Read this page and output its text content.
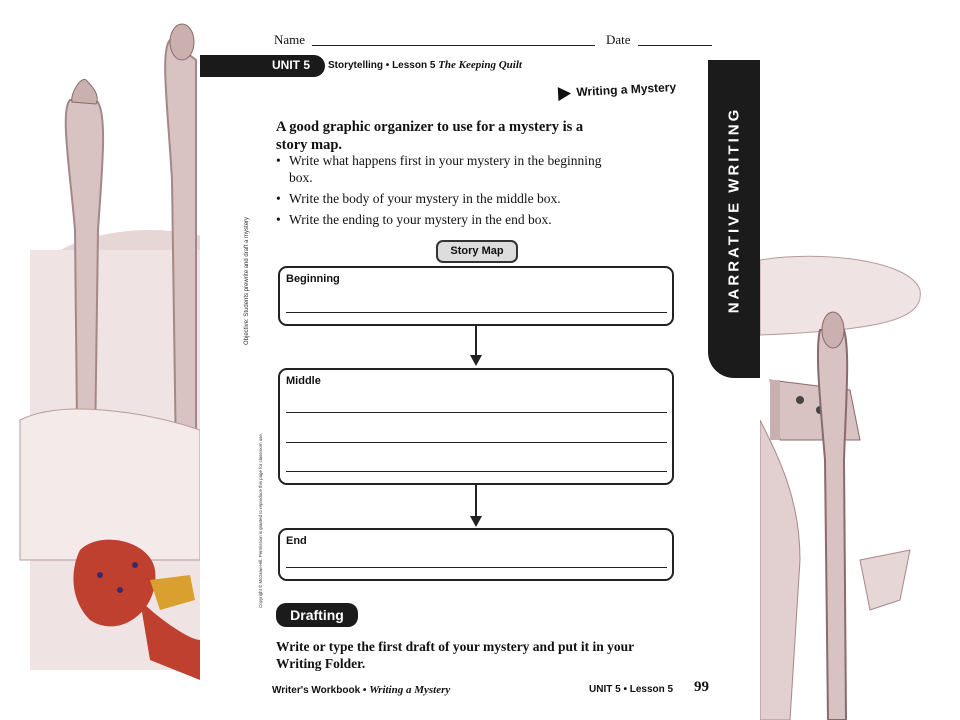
Name	Date
UNIT 5 Storytelling • Lesson 5 The Keeping Quilt
Writing a Mystery
NARRATIVE WRITING
A good graphic organizer to use for a mystery is a story map.
• Write what happens first in your mystery in the beginning box.
• Write the body of your mystery in the middle box.
• Write the ending to your mystery in the end box.
Objective: Students prewrite and draft a mystery
Copyright © McGraw-Hill. Permission is granted to reproduce this page for classroom use.
Story Map
Beginning
Middle
End
Drafting
Write or type the first draft of your mystery and put it in your Writing Folder.
Writer's Workbook • Writing a Mystery	UNIT 5 • Lesson 5 99
